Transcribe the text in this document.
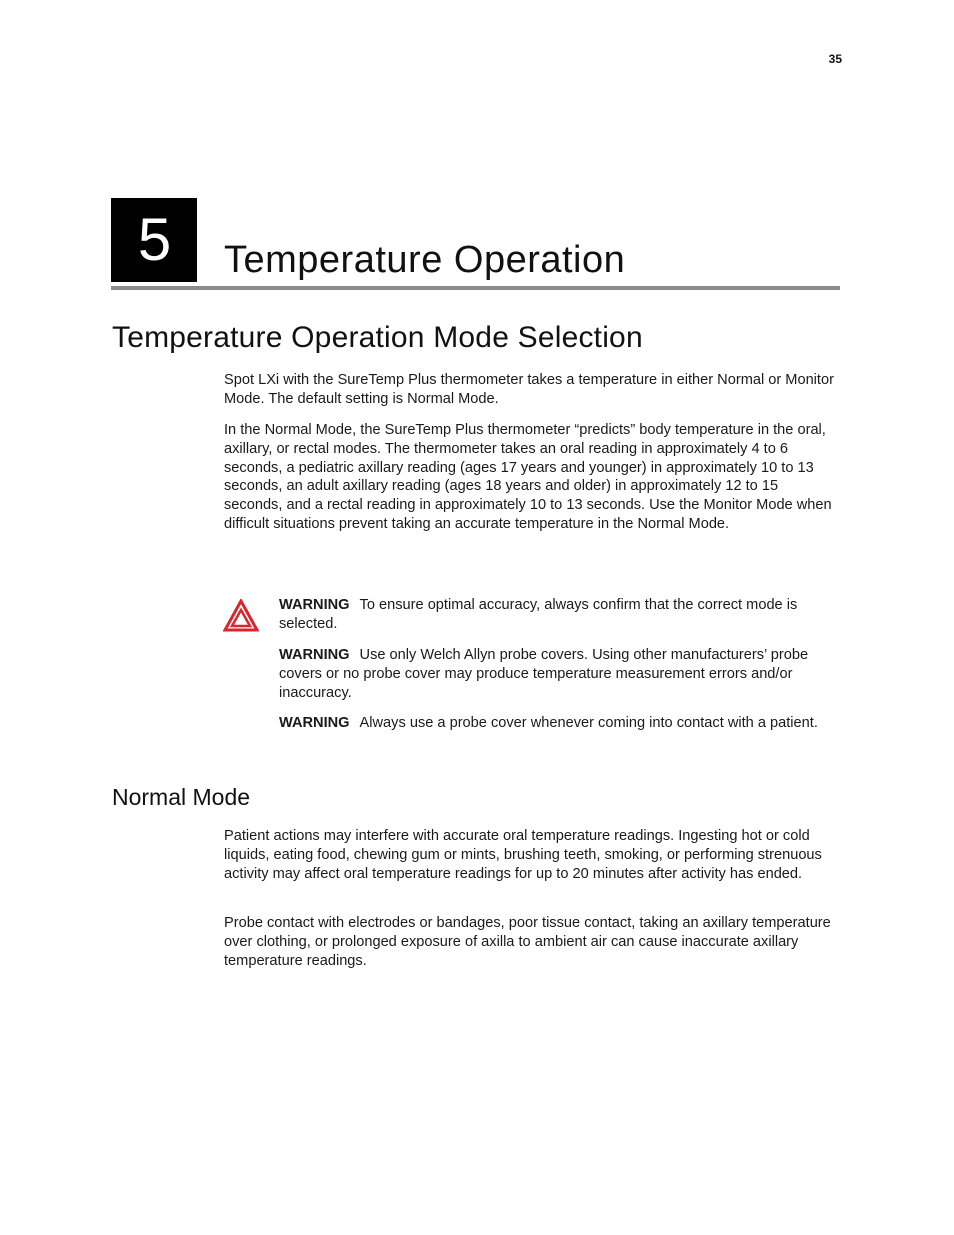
35
5	Temperature Operation
Temperature Operation Mode Selection

Spot LXi with the SureTemp Plus thermometer takes a temperature in either Normal or Monitor Mode. The default setting is Normal Mode.

In the Normal Mode, the SureTemp Plus thermometer “predicts” body temperature in the oral, axillary, or rectal modes. The thermometer takes an oral reading in approximately 4 to 6 seconds, a pediatric axillary reading (ages 17 years and younger) in approximately 10 to 13 seconds, an adult axillary reading (ages 18 years and older) in approximately 12 to 15 seconds, and a rectal reading in approximately 10 to 13 seconds. Use the Monitor Mode when difficult situations prevent taking an accurate temperature in the Normal Mode.

WARNING To ensure optimal accuracy, always confirm that the correct mode is selected.

WARNING Use only Welch Allyn probe covers. Using other manufacturers’ probe covers or no probe cover may produce temperature measurement errors and/or inaccuracy.

WARNING Always use a probe cover whenever coming into contact with a patient.

Normal Mode

Patient actions may interfere with accurate oral temperature readings. Ingesting hot or cold liquids, eating food, chewing gum or mints, brushing teeth, smoking, or performing strenuous activity may affect oral temperature readings for up to 20 minutes after activity has ended.

Probe contact with electrodes or bandages, poor tissue contact, taking an axillary temperature over clothing, or prolonged exposure of axilla to ambient air can cause inaccurate axillary temperature readings.
